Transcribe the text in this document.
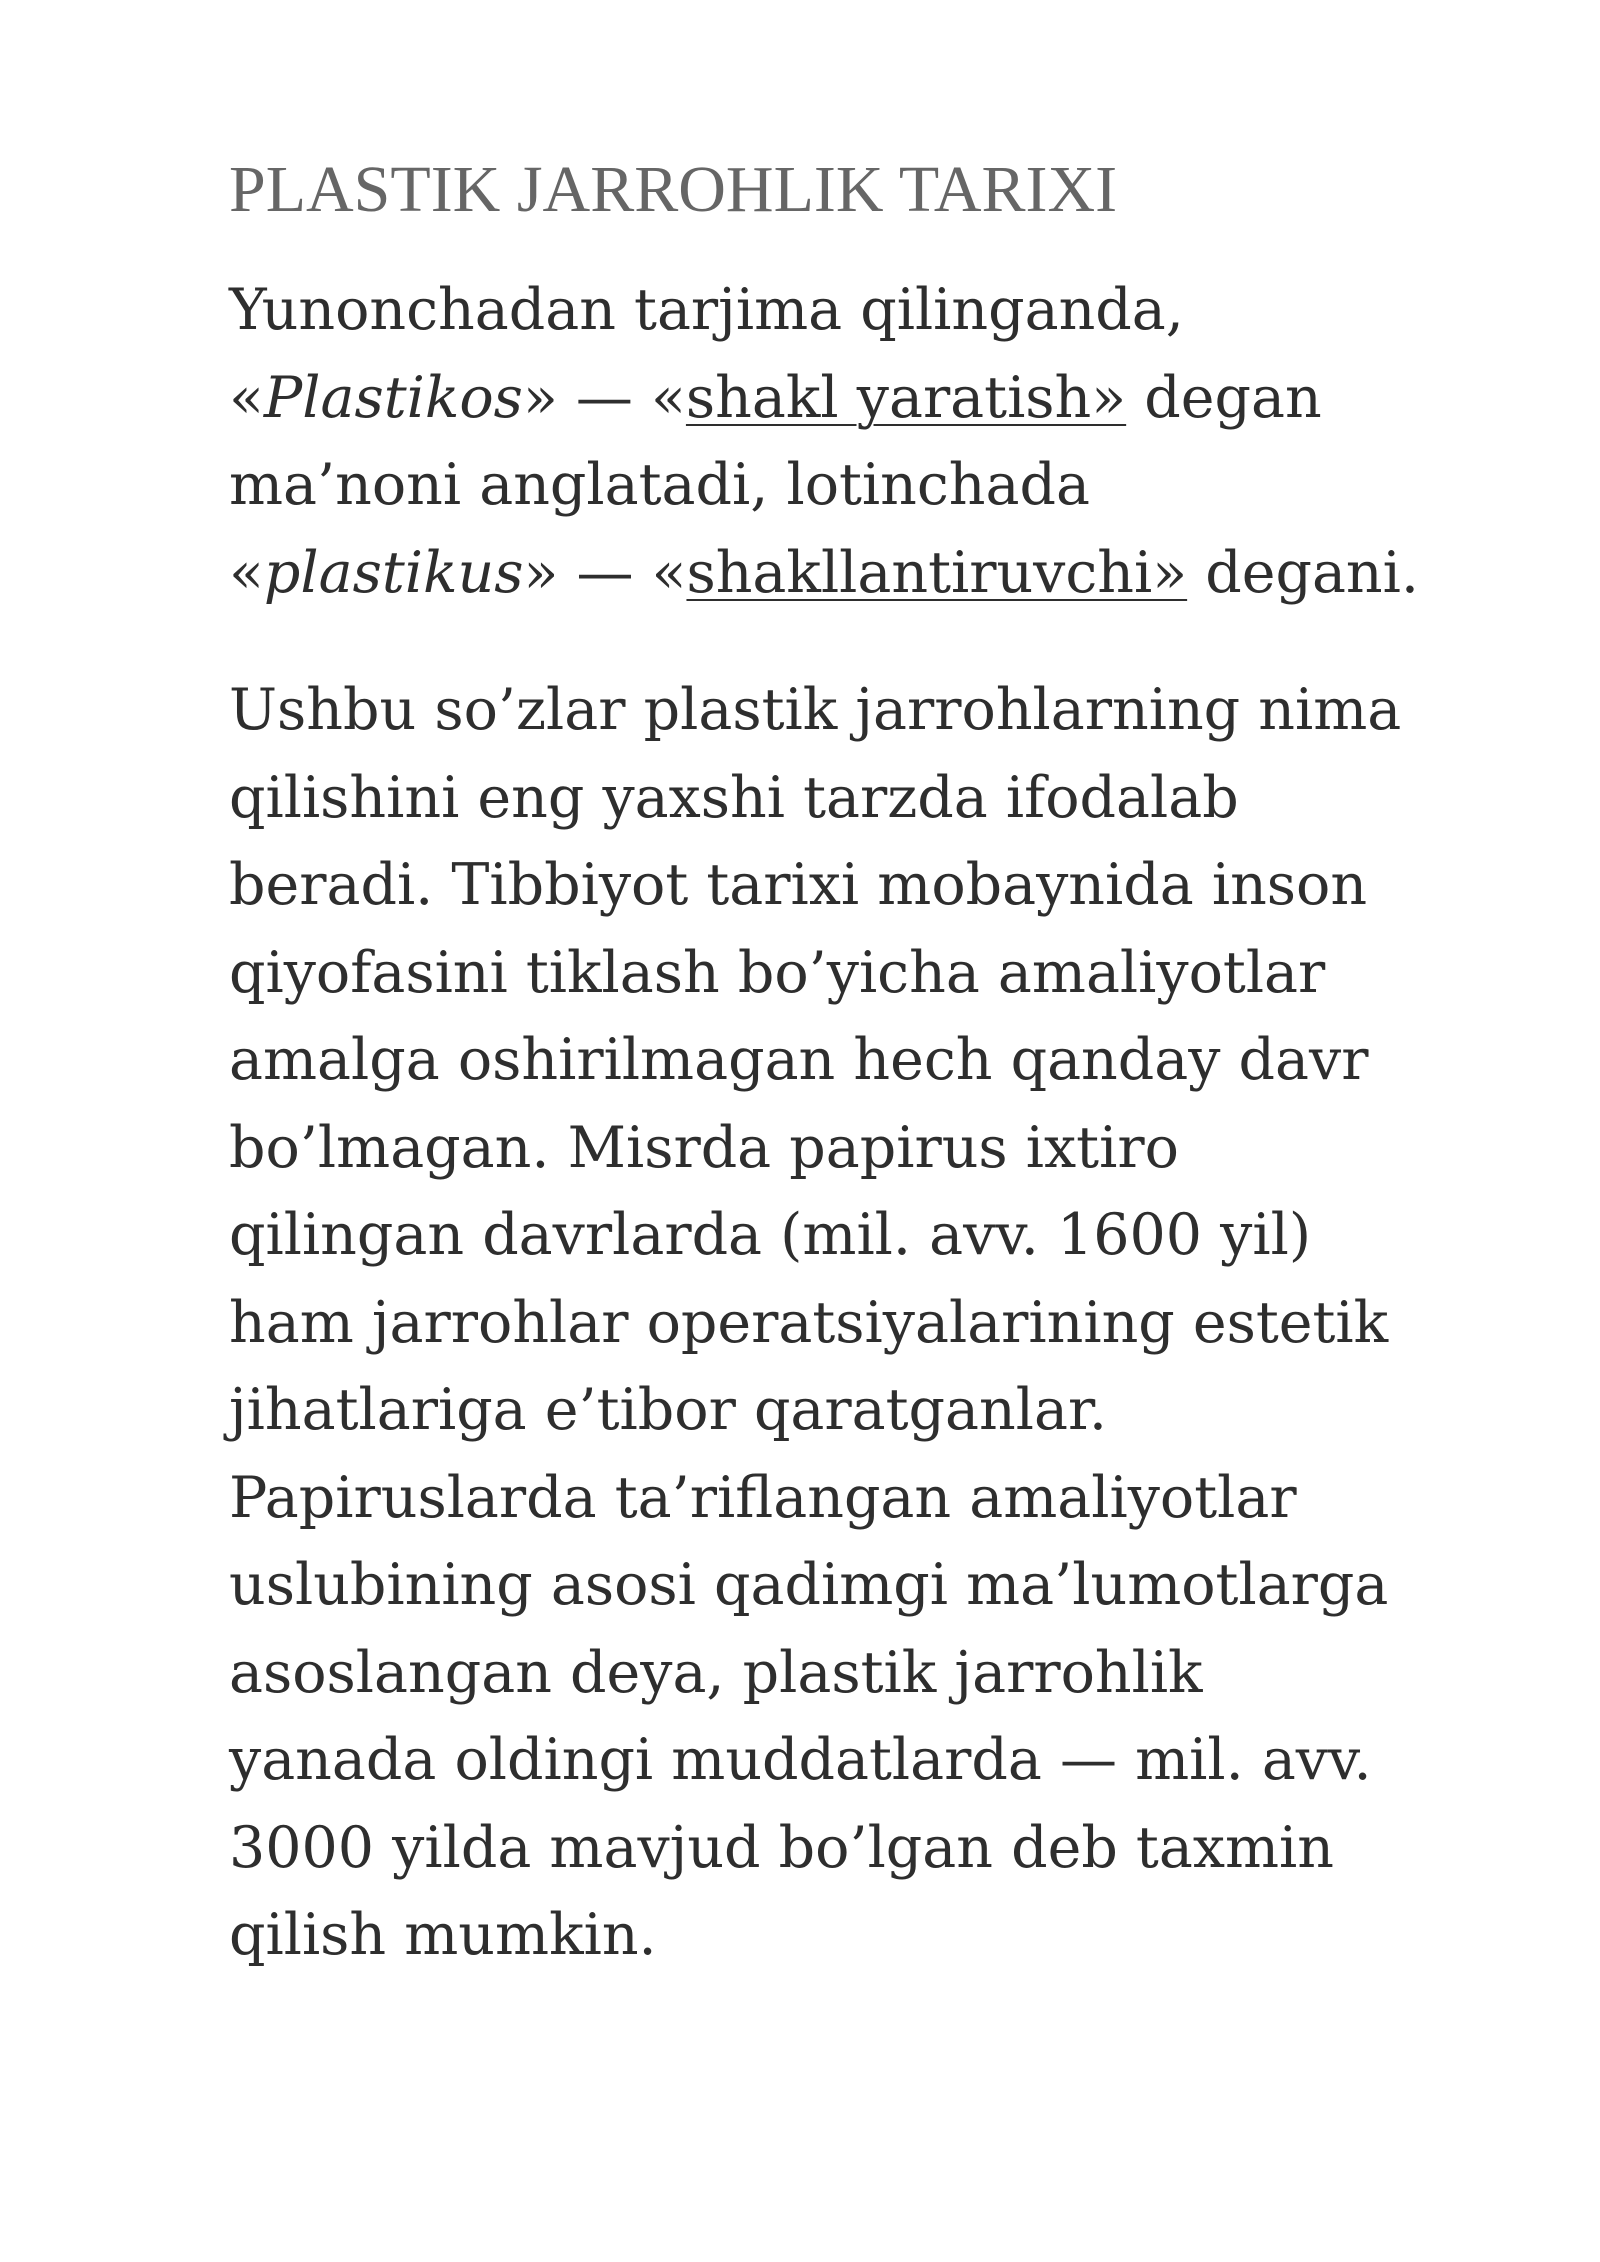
PLASTIK JARROHLIK TARIXI

Yunonchadan tarjima qilinganda,
«Plastikos» — «shakl yaratish» degan
ma’noni anglatadi, lotinchada
«plastikus» — «shakllantiruvchi» degani.

Ushbu so’zlar plastik jarrohlarning nima
qilishini eng yaxshi tarzda ifodalab
beradi. Tibbiyot tarixi mobaynida inson
qiyofasini tiklash bo’yicha amaliyotlar
amalga oshirilmagan hech qanday davr
bo’lmagan. Misrda papirus ixtiro
qilingan davrlarda (mil. avv. 1600 yil)
ham jarrohlar operatsiyalarining estetik
jihatlariga e’tibor qaratganlar.
Papiruslarda ta’riflangan amaliyotlar
uslubining asosi qadimgi ma’lumotlarga
asoslangan deya, plastik jarrohlik
yanada oldingi muddatlarda — mil. avv.
3000 yilda mavjud bo’lgan deb taxmin
qilish mumkin.
